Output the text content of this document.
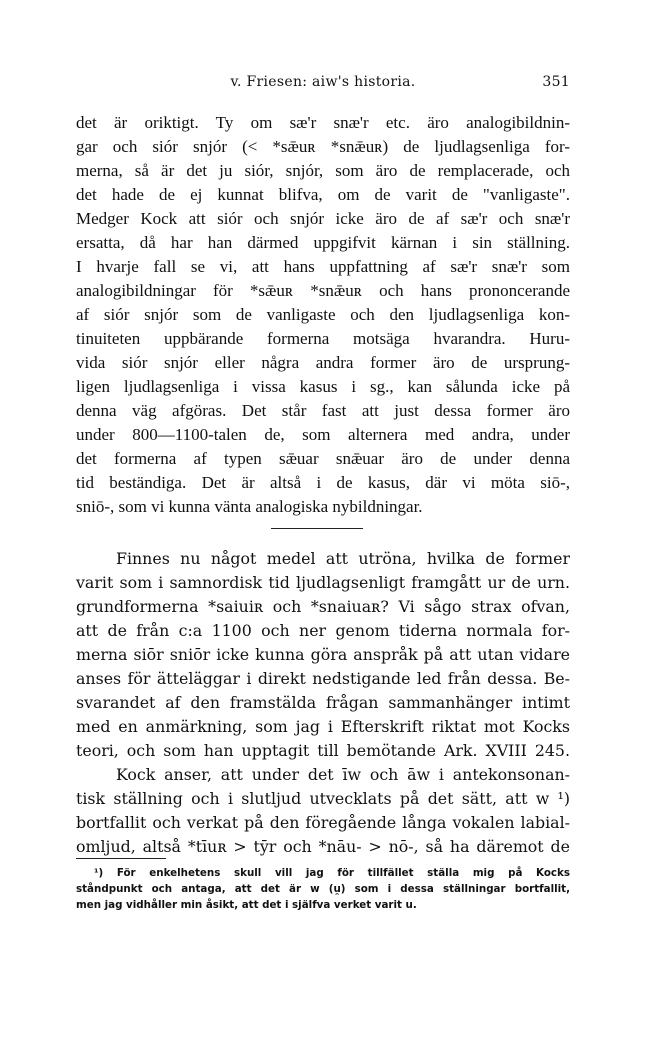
v. Friesen: aiw's historia.	351
det är oriktigt. Ty om sæ'r snæ'r etc. äro analogibildnin-
gar och siór snjór (< *sǣuʀ *snǣuʀ) de ljudlagsenliga for-
merna, så är det ju siór, snjór, som äro de remplacerade, och
det hade de ej kunnat blifva, om de varit de "vanligaste".
Medger Kock att siór och snjór icke äro de af sæ'r och snæ'r
ersatta, då har han därmed uppgifvit kärnan i sin ställning.
I hvarje fall se vi, att hans uppfattning af sæ'r snæ'r som
analogibildningar för *sǣuʀ *snǣuʀ och hans prononcerande
af siór snjór som de vanligaste och den ljudlagsenliga kon-
tinuiteten uppbärande formerna motsäga hvarandra. Huru-
vida siór snjór eller några andra former äro de ursprung-
ligen ljudlagsenliga i vissa kasus i sg., kan sålunda icke på
denna väg afgöras. Det står fast att just dessa former äro
under 800—1100-talen de, som alternera med andra, under
det formerna af typen sǣuar snǣuar äro de under denna
tid beständiga. Det är altså i de kasus, där vi möta siō-,
sniō-, som vi kunna vänta analogiska nybildningar.
Finnes nu något medel att utröna, hvilka de former
varit som i samnordisk tid ljudlagsenligt framgått ur de urn.
grundformerna *saiuiʀ och *snaiuaʀ? Vi sågo strax ofvan,
att de från c:a 1100 och ner genom tiderna normala for-
merna siōr sniōr icke kunna göra anspråk på att utan vidare
anses för ätteläggar i direkt nedstigande led från dessa. Be-
svarandet af den framstälda frågan sammanhänger intimt
med en anmärkning, som jag i Efterskrift riktat mot Kocks
teori, och som han upptagit till bemötande Ark. XVIII 245.
Kock anser, att under det īw och āw i antekonsonan-
tisk ställning och i slutljud utvecklats på det sätt, att w ¹)
bortfallit och verkat på den föregående långa vokalen labial-
omljud, altså *tīuʀ > tȳr och *nāu- > nō-, så ha däremot de
¹) För enkelhetens skull vill jag för tillfället ställa mig på Kocks
ståndpunkt och antaga, att det är w (u̯) som i dessa ställningar bortfallit,
men jag vidhåller min åsikt, att det i själfva verket varit u.
